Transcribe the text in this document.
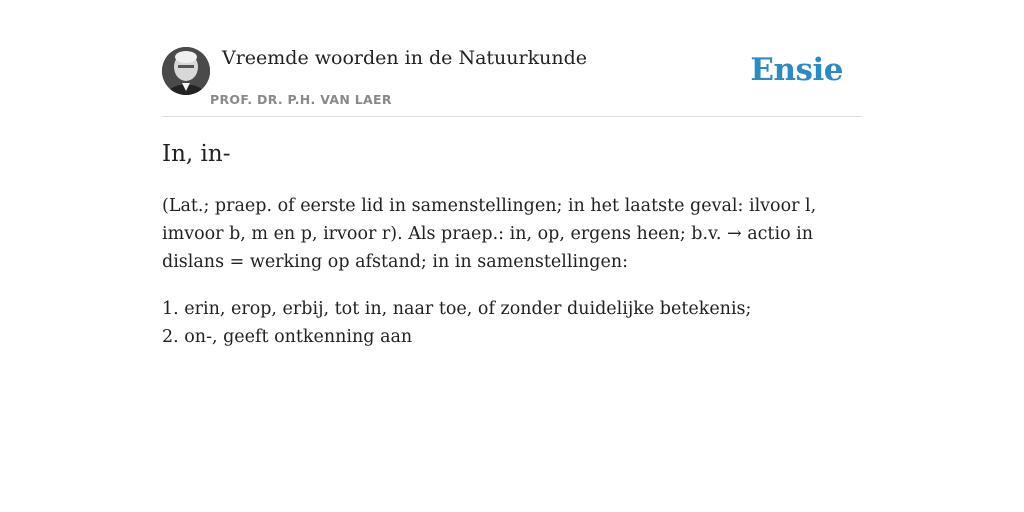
Vreemde woorden in de Natuurkunde
PROF. DR. P.H. VAN LAER
Ensie
In, in-

(Lat.; praep. of eerste lid in samenstellingen; in het laatste geval: ilvoor l, imvoor b, m en p, irvoor r). Als praep.: in, op, ergens heen; b.v. → actio in dislans = werking op afstand; in in samenstellingen:

1. erin, erop, erbij, tot in, naar toe, of zonder duidelijke betekenis;
2. on-, geeft ontkenning aan
